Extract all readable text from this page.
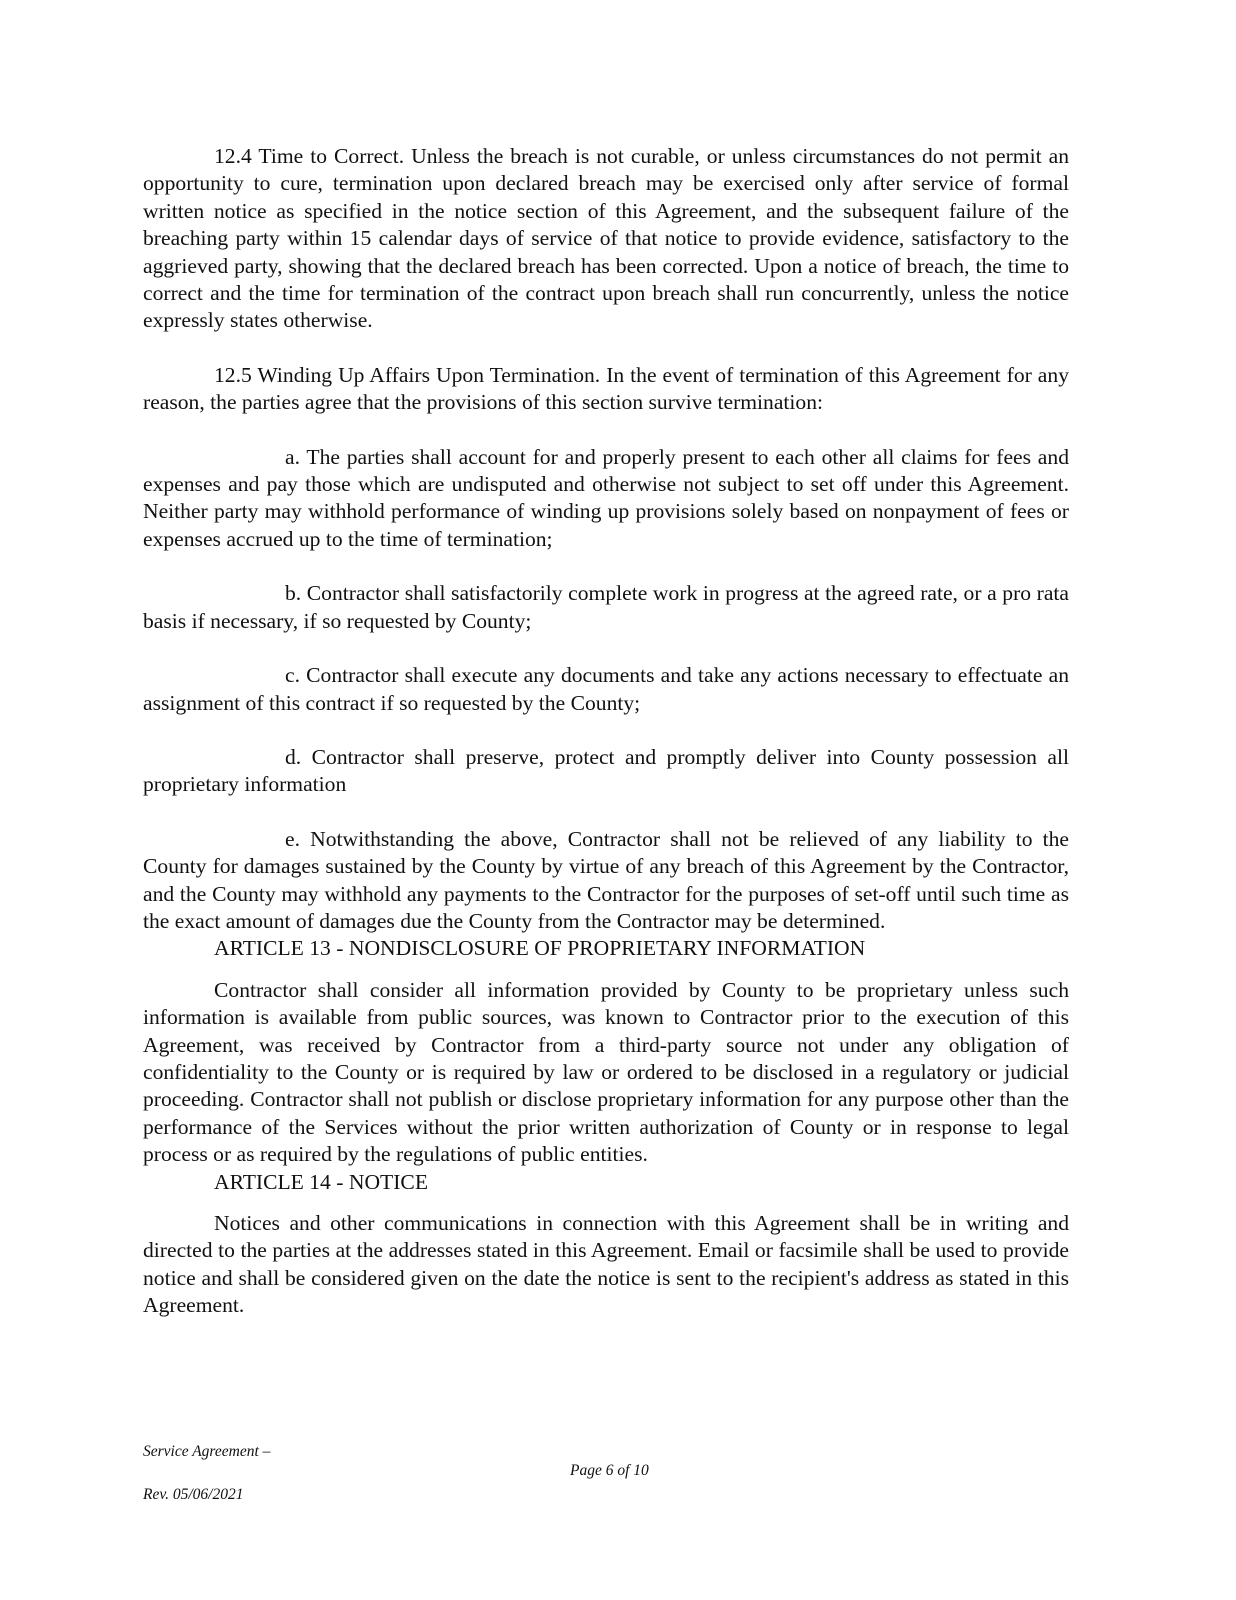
12.4 Time to Correct. Unless the breach is not curable, or unless circumstances do not permit an opportunity to cure, termination upon declared breach may be exercised only after service of formal written notice as specified in the notice section of this Agreement, and the subsequent failure of the breaching party within 15 calendar days of service of that notice to provide evidence, satisfactory to the aggrieved party, showing that the declared breach has been corrected. Upon a notice of breach, the time to correct and the time for termination of the contract upon breach shall run concurrently, unless the notice expressly states otherwise.

12.5 Winding Up Affairs Upon Termination. In the event of termination of this Agreement for any reason, the parties agree that the provisions of this section survive termination:

a. The parties shall account for and properly present to each other all claims for fees and expenses and pay those which are undisputed and otherwise not subject to set off under this Agreement. Neither party may withhold performance of winding up provisions solely based on nonpayment of fees or expenses accrued up to the time of termination;

b. Contractor shall satisfactorily complete work in progress at the agreed rate, or a pro rata basis if necessary, if so requested by County;

c. Contractor shall execute any documents and take any actions necessary to effectuate an assignment of this contract if so requested by the County;

d. Contractor shall preserve, protect and promptly deliver into County possession all proprietary information

e. Notwithstanding the above, Contractor shall not be relieved of any liability to the County for damages sustained by the County by virtue of any breach of this Agreement by the Contractor, and the County may withhold any payments to the Contractor for the purposes of set-off until such time as the exact amount of damages due the County from the Contractor may be determined.

ARTICLE 13 - NONDISCLOSURE OF PROPRIETARY INFORMATION

Contractor shall consider all information provided by County to be proprietary unless such information is available from public sources, was known to Contractor prior to the execution of this Agreement, was received by Contractor from a third-party source not under any obligation of confidentiality to the County or is required by law or ordered to be disclosed in a regulatory or judicial proceeding. Contractor shall not publish or disclose proprietary information for any purpose other than the performance of the Services without the prior written authorization of County or in response to legal process or as required by the regulations of public entities.

ARTICLE 14 - NOTICE

Notices and other communications in connection with this Agreement shall be in writing and directed to the parties at the addresses stated in this Agreement. Email or facsimile shall be used to provide notice and shall be considered given on the date the notice is sent to the recipient's address as stated in this Agreement.

Service Agreement –
Rev. 05/06/2021
Page 6 of 10
